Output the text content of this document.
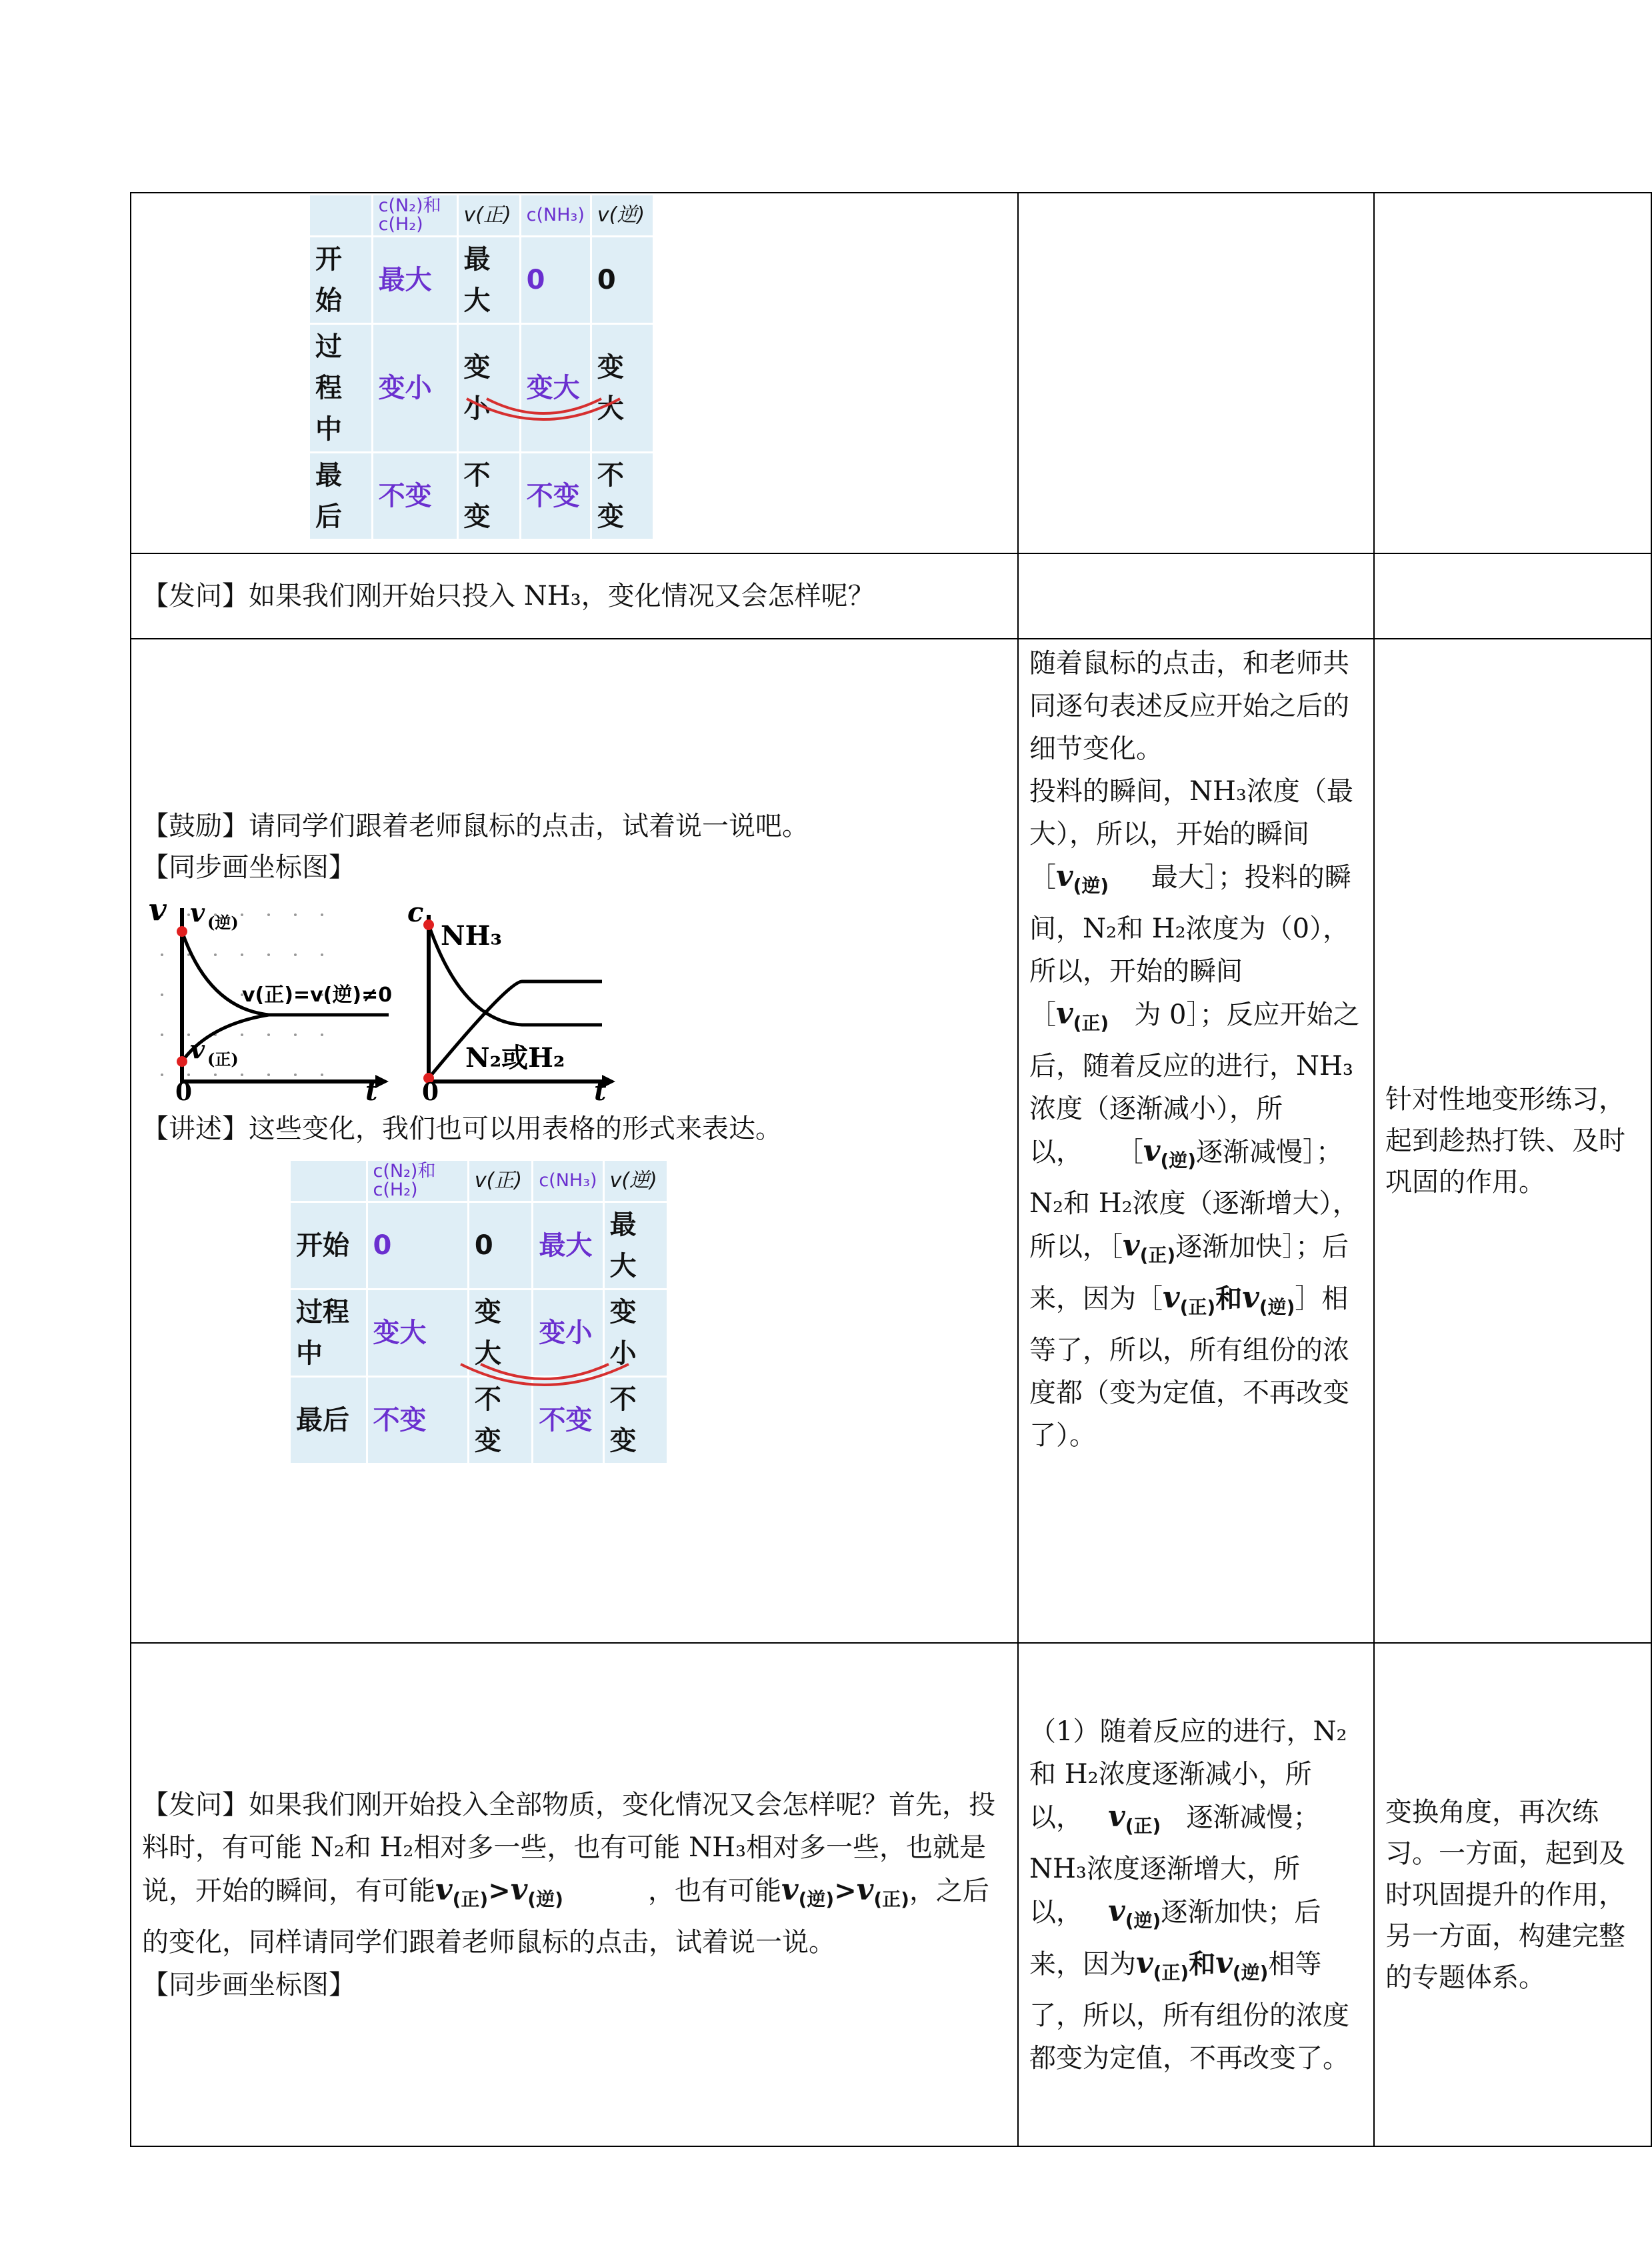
	c(N₂)和c(H₂)	v(正)	c(NH₃)	v(逆)
开始	最大	最大	0	0
过程中	变小	变小	变大	变大
最后	不变	不变	不变	不变

【发问】如果我们刚开始只投入 NH₃，变化情况又会怎样呢？

【鼓励】请同学们跟着老师鼠标的点击，试着说一说吧。

【同步画坐标图】

v v (逆)
v(正)=v(逆)≠0
v (正)
0	t
c
NH₃
N₂或H₂
0	t

【讲述】这些变化，我们也可以用表格的形式来表达。

	c(N₂)和c(H₂)	v(正)	c(NH₃)	v(逆)
开始	0	0	最大	最大
过程中	变大	变大	变小	变小
最后	不变	不变	不变	不变

随着鼠标的点击，和老师共同逐句表述反应开始之后的细节变化。
投料的瞬间，NH₃浓度（最大），所以，开始的瞬间$[v_{(逆)}$ 最大］；投料的瞬间，N₂和 H₂浓度为（0），所以，开始的瞬间$[v_{(正)}$ 为 0］；反应开始之后，随着反应的进行，NH₃浓度（逐渐减小），所以， $[v_{(逆)}$逐渐减慢］；N₂和 H₂浓度（逐渐增大），所以，$[v_{(正)}$逐渐加快］；后来，因为$[v_{(正)}$和$v_{(逆)}]$相等了，所以，所有组份的浓度都（变为定值，不再改变了）。

针对性地变形练习，起到趁热打铁、及时巩固的作用。

【发问】如果我们刚开始投入全部物质，变化情况又会怎样呢？首先，投料时，有可能 N₂和 H₂相对多一些，也有可能 NH₃相对多一些，也就是说，开始的瞬间，有可能$v_{(正)}>v_{(逆)}$	，也有可能$v_{(逆)}>v_{(正)}$，之后的变化，同样请同学们跟着老师鼠标的点击，试着说一说。
【同步画坐标图】

（1）随着反应的进行，N₂和 H₂浓度逐渐减小，所以， $v_{(正)}$ 逐渐减慢；NH₃浓度逐渐增大，所以， $v_{(逆)}$逐渐加快；后来，因为$v_{(正)}$和$v_{(逆)}$相等了，所以，所有组份的浓度都变为定值，不再改变了。

变换角度，再次练习。一方面，起到及时巩固提升的作用，另一方面，构建完整的专题体系。
